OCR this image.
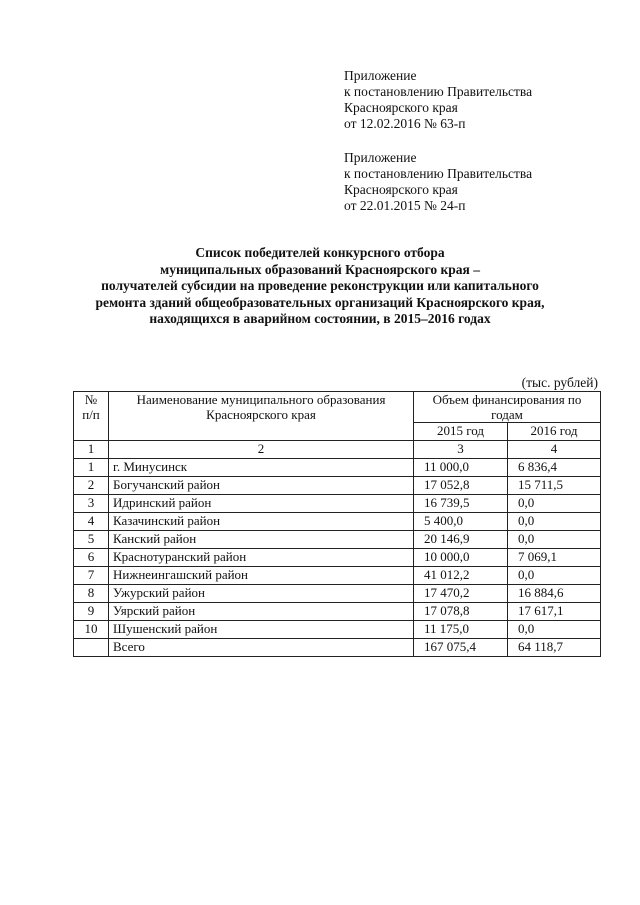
Приложение
к постановлению Правительства
Красноярского края
от 12.02.2016 № 63-п
Приложение
к постановлению Правительства
Красноярского края
от 22.01.2015 № 24-п
Список победителей конкурсного отбора
муниципальных образований Красноярского края –
получателей субсидии на проведение реконструкции или капитального
ремонта зданий общеобразовательных организаций Красноярского края,
находящихся в аварийном состоянии, в 2015–2016 годах
(тыс. рублей)
№ п/п	Наименование муниципального образования Красноярского края	Объем финансирования по годам	
		2015 год	2016 год
1	2	3	4
1	г. Минусинск	11 000,0	6 836,4
2	Богучанский район	17 052,8	15 711,5
3	Идринский район	16 739,5	0,0
4	Казачинский район	5 400,0	0,0
5	Канский район	20 146,9	0,0
6	Краснотуранский район	10 000,0	7 069,1
7	Нижнеингашский район	41 012,2	0,0
8	Ужурский район	17 470,2	16 884,6
9	Уярский район	17 078,8	17 617,1
10	Шушенский район	11 175,0	0,0
	Всего	167 075,4	64 118,7
